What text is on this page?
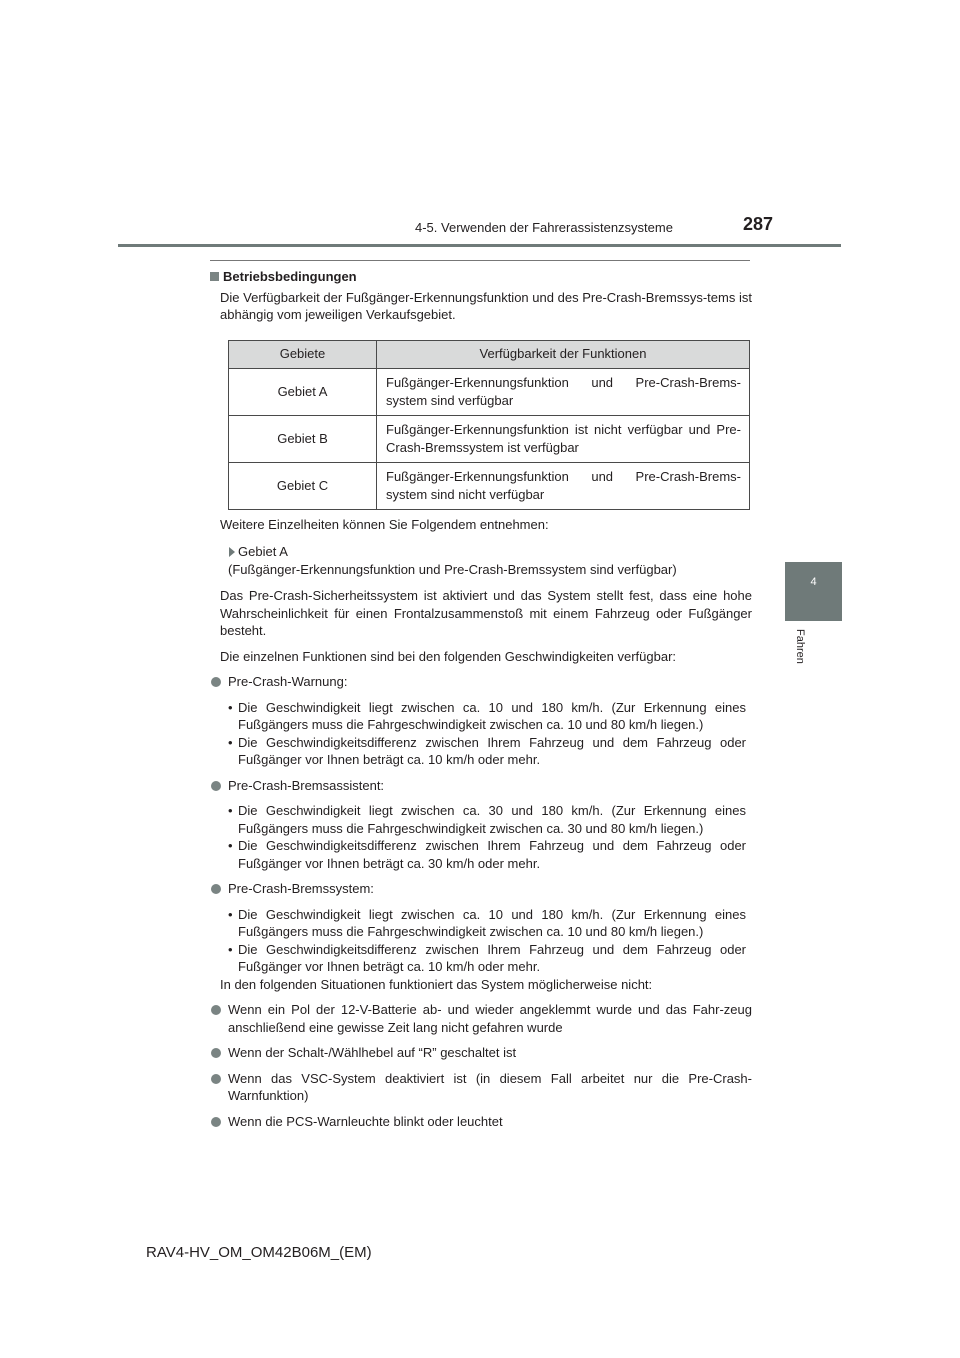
4-5. Verwenden der Fahrerassistenzsysteme	287
4
Fahren

Betriebsbedingungen

Die Verfügbarkeit der Fußgänger-Erkennungsfunktion und des Pre-Crash-Bremssys-tems ist abhängig vom jeweiligen Verkaufsgebiet.

Gebiete	Verfügbarkeit der Funktionen
Gebiet A	Fußgänger-Erkennungsfunktion und Pre-Crash-Brems-system sind verfügbar
Gebiet B	Fußgänger-Erkennungsfunktion ist nicht verfügbar und Pre-Crash-Bremssystem ist verfügbar
Gebiet C	Fußgänger-Erkennungsfunktion und Pre-Crash-Brems-system sind nicht verfügbar

Weitere Einzelheiten können Sie Folgendem entnehmen:

Gebiet A
(Fußgänger-Erkennungsfunktion und Pre-Crash-Bremssystem sind verfügbar)

Das Pre-Crash-Sicherheitssystem ist aktiviert und das System stellt fest, dass eine hohe Wahrscheinlichkeit für einen Frontalzusammenstoß mit einem Fahrzeug oder Fußgänger besteht.

Die einzelnen Funktionen sind bei den folgenden Geschwindigkeiten verfügbar:

Pre-Crash-Warnung:

• Die Geschwindigkeit liegt zwischen ca. 10 und 180 km/h. (Zur Erkennung eines Fußgängers muss die Fahrgeschwindigkeit zwischen ca. 10 und 80 km/h liegen.)

• Die Geschwindigkeitsdifferenz zwischen Ihrem Fahrzeug und dem Fahrzeug oder Fußgänger vor Ihnen beträgt ca. 10 km/h oder mehr.

Pre-Crash-Bremsassistent:

• Die Geschwindigkeit liegt zwischen ca. 30 und 180 km/h. (Zur Erkennung eines Fußgängers muss die Fahrgeschwindigkeit zwischen ca. 30 und 80 km/h liegen.)

• Die Geschwindigkeitsdifferenz zwischen Ihrem Fahrzeug und dem Fahrzeug oder Fußgänger vor Ihnen beträgt ca. 30 km/h oder mehr.

Pre-Crash-Bremssystem:

• Die Geschwindigkeit liegt zwischen ca. 10 und 180 km/h. (Zur Erkennung eines Fußgängers muss die Fahrgeschwindigkeit zwischen ca. 10 und 80 km/h liegen.)

• Die Geschwindigkeitsdifferenz zwischen Ihrem Fahrzeug und dem Fahrzeug oder Fußgänger vor Ihnen beträgt ca. 10 km/h oder mehr.

In den folgenden Situationen funktioniert das System möglicherweise nicht:

Wenn ein Pol der 12-V-Batterie ab- und wieder angeklemmt wurde und das Fahr-zeug anschließend eine gewisse Zeit lang nicht gefahren wurde

Wenn der Schalt-/Wählhebel auf “R” geschaltet ist

Wenn das VSC-System deaktiviert ist (in diesem Fall arbeitet nur die Pre-Crash-Warnfunktion)

Wenn die PCS-Warnleuchte blinkt oder leuchtet

RAV4-HV_OM_OM42B06M_(EM)
